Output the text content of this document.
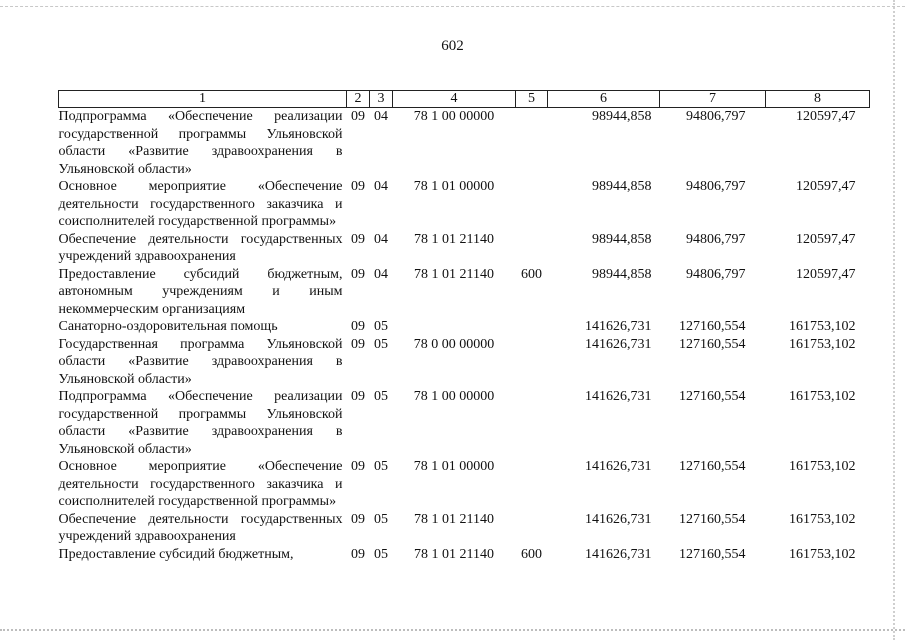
602
1	2	3	4	5	6	7	8
Подпрограмма «Обеспечение реализации государственной программы Ульяновской области «Развитие здравоохранения в Ульяновской области»	09	04	78 1 00 00000		98944,858	94806,797	120597,47
Основное мероприятие «Обеспечение деятельности государственного заказчика и соисполнителей государственной программы»	09	04	78 1 01 00000		98944,858	94806,797	120597,47
Обеспечение деятельности государственных учреждений здравоохранения	09	04	78 1 01 21140		98944,858	94806,797	120597,47
Предоставление субсидий бюджетным, автономным учреждениям и иным некоммерческим организациям	09	04	78 1 01 21140	600	98944,858	94806,797	120597,47
Санаторно-оздоровительная помощь	09	05			141626,731	127160,554	161753,102
Государственная программа Ульяновской области «Развитие здравоохранения в Ульяновской области»	09	05	78 0 00 00000		141626,731	127160,554	161753,102
Подпрограмма «Обеспечение реализации государственной программы Ульяновской области «Развитие здравоохранения в Ульяновской области»	09	05	78 1 00 00000		141626,731	127160,554	161753,102
Основное мероприятие «Обеспечение деятельности государственного заказчика и соисполнителей государственной программы»	09	05	78 1 01 00000		141626,731	127160,554	161753,102
Обеспечение деятельности государственных учреждений здравоохранения	09	05	78 1 01 21140		141626,731	127160,554	161753,102
Предоставление субсидий бюджетным,	09	05	78 1 01 21140	600	141626,731	127160,554	161753,102
